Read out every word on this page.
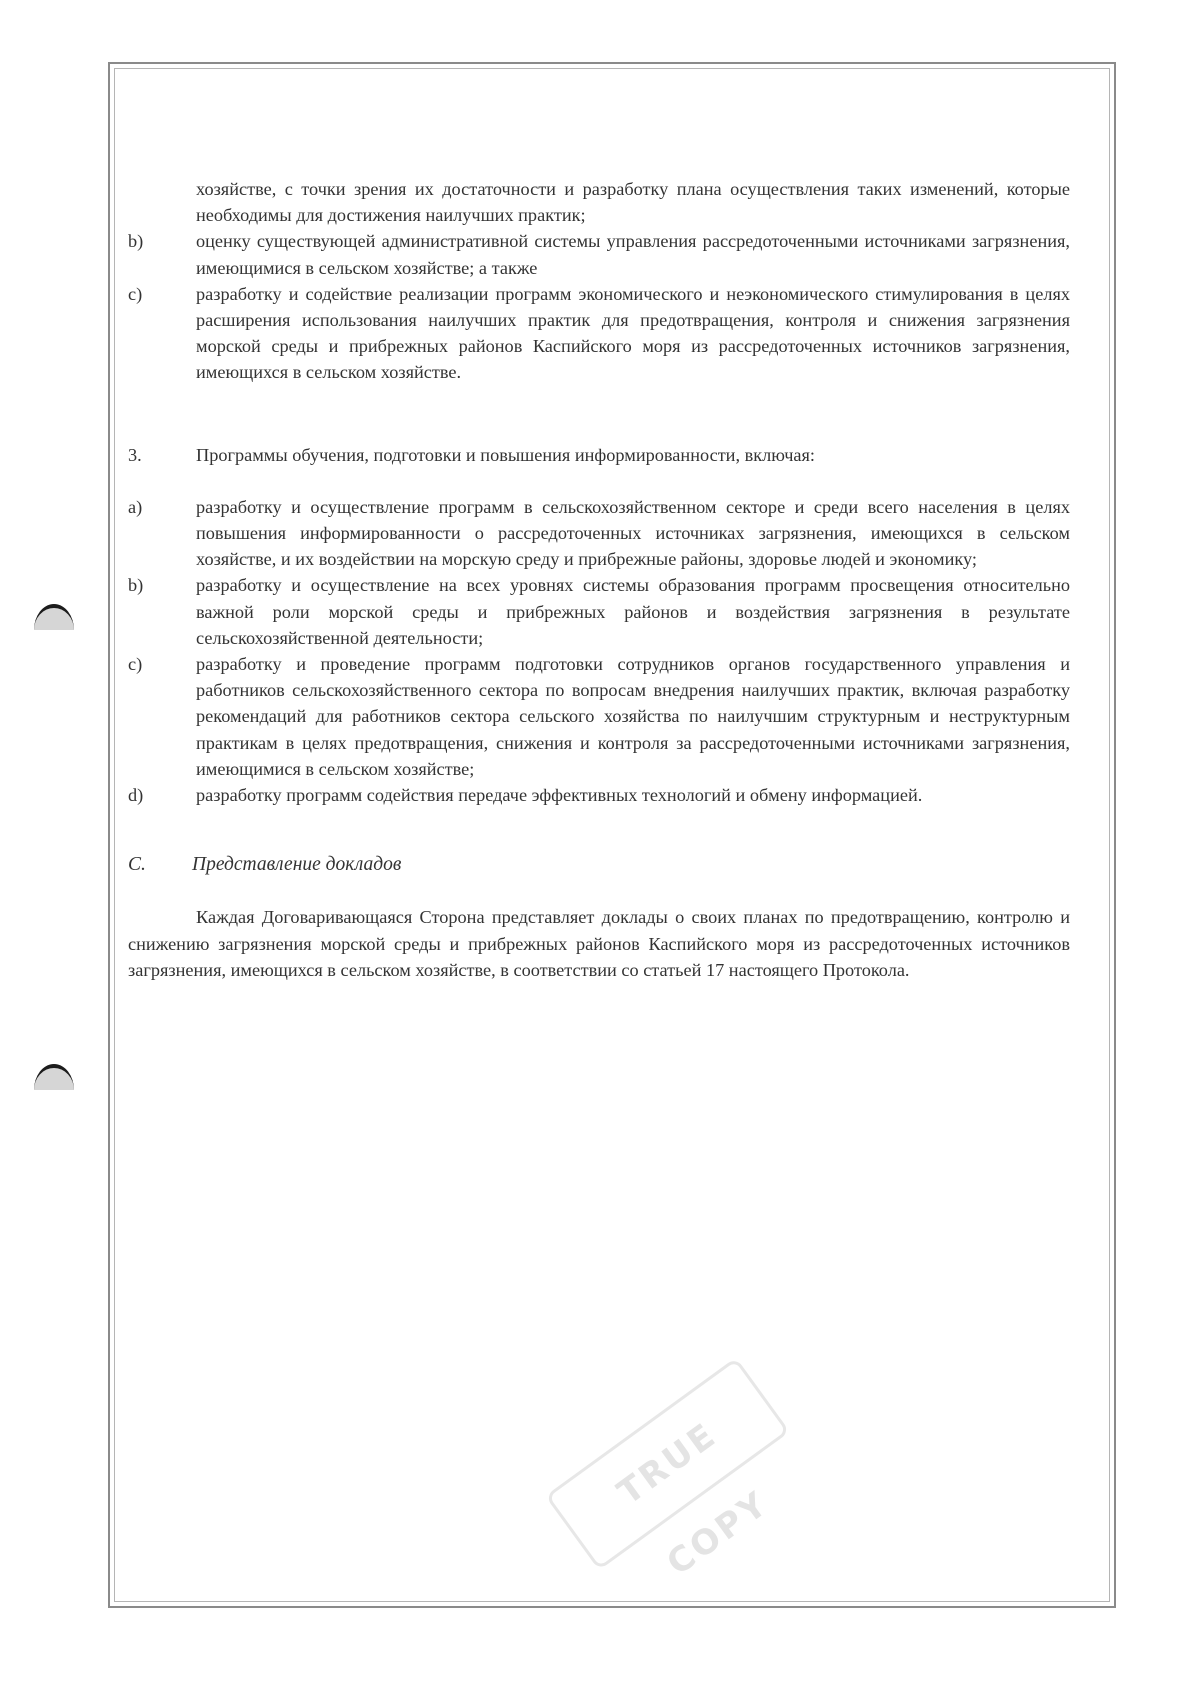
хозяйстве, с точки зрения их достаточности и разработку плана осуществления таких изменений, которые необходимы для достижения наилучших практик;
b)	оценку существующей административной системы управления рассредоточенными источниками загрязнения, имеющимися в сельском хозяйстве; а также
c)	разработку и содействие реализации программ экономического и неэкономического стимулирования в целях расширения использования наилучших практик для предотвращения, контроля и снижения загрязнения морской среды и прибрежных районов Каспийского моря из рассредоточенных источников загрязнения, имеющихся в сельском хозяйстве.
3.	Программы обучения, подготовки и повышения информированности, включая:
a)	разработку и осуществление программ в сельскохозяйственном секторе и среди всего населения в целях повышения информированности о рассредоточенных источниках загрязнения, имеющихся в сельском хозяйстве, и их воздействии на морскую среду и прибрежные районы, здоровье людей и экономику;
b)	разработку и осуществление на всех уровнях системы образования программ просвещения относительно важной роли морской среды и прибрежных районов и воздействия загрязнения в результате сельскохозяйственной деятельности;
c)	разработку и проведение программ подготовки сотрудников органов государственного управления и работников сельскохозяйственного сектора по вопросам внедрения наилучших практик, включая разработку рекомендаций для работников сектора сельского хозяйства по наилучшим структурным и неструктурным практикам в целях предотвращения, снижения и контроля за рассредоточенными источниками загрязнения, имеющимися в сельском хозяйстве;
d)	разработку программ содействия передаче эффективных технологий и обмену информацией.
C.	Представление докладов
Каждая Договаривающаяся Сторона представляет доклады о своих планах по предотвращению, контролю и снижению загрязнения морской среды и прибрежных районов Каспийского моря из рассредоточенных источников загрязнения, имеющихся в сельском хозяйстве, в соответствии со статьей 17 настоящего Протокола.
TRUE COPY
